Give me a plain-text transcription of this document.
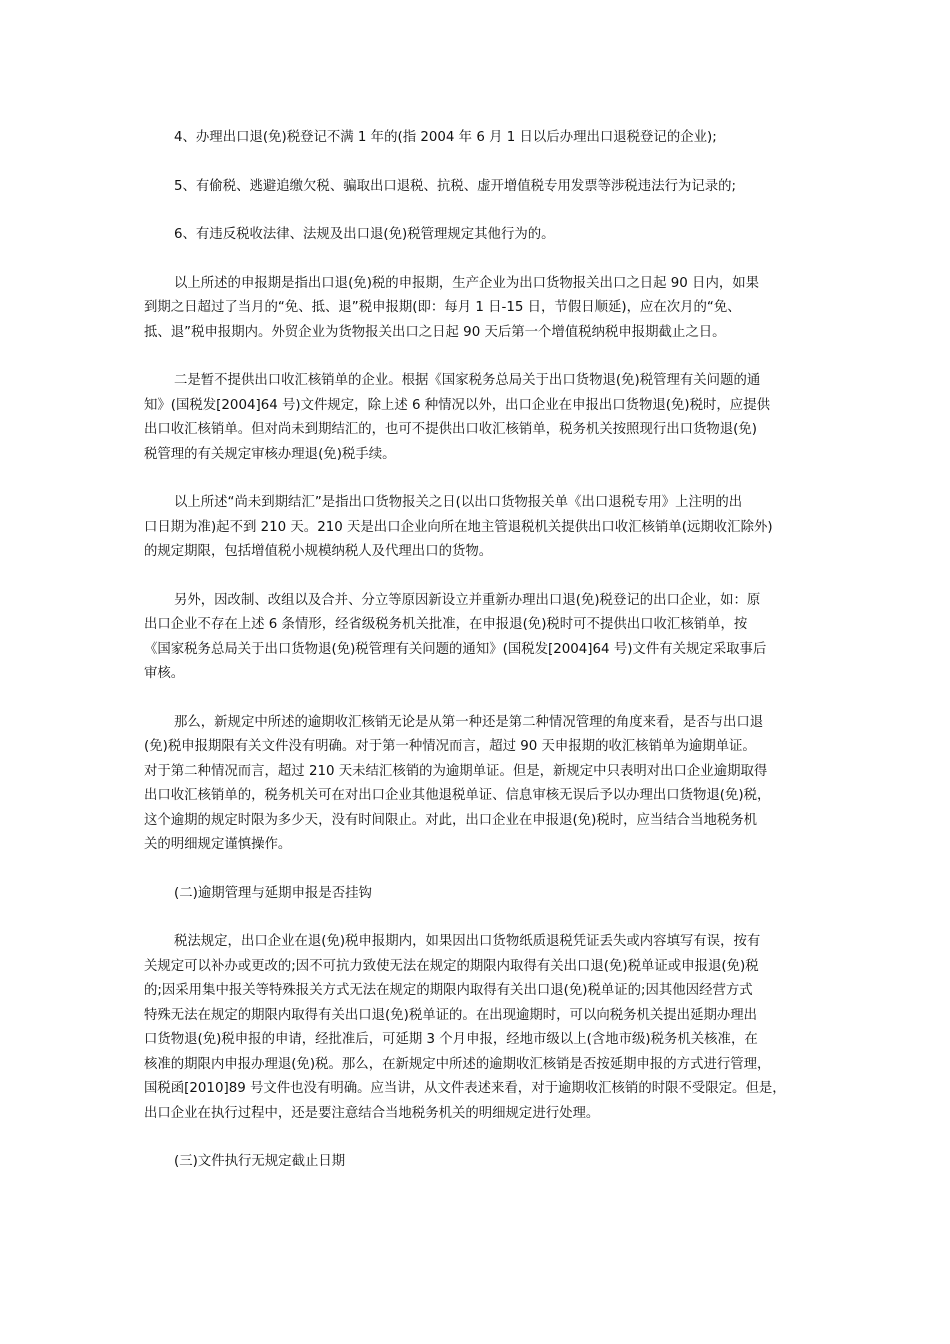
4、办理出口退(免)税登记不满 1 年的(指 2004 年 6 月 1 日以后办理出口退税登记的企业);

5、有偷税、逃避追缴欠税、骗取出口退税、抗税、虚开增值税专用发票等涉税违法行为记录的;

6、有违反税收法律、法规及出口退(免)税管理规定其他行为的。

以上所述的申报期是指出口退(免)税的申报期，生产企业为出口货物报关出口之日起 90 日内，如果
到期之日超过了当月的“免、抵、退”税申报期(即：每月 1 日-15 日，节假日顺延)，应在次月的“免、
抵、退”税申报期内。外贸企业为货物报关出口之日起 90 天后第一个增值税纳税申报期截止之日。

二是暂不提供出口收汇核销单的企业。根据《国家税务总局关于出口货物退(免)税管理有关问题的通
知》(国税发[2004]64 号)文件规定，除上述 6 种情况以外，出口企业在申报出口货物退(免)税时，应提供
出口收汇核销单。但对尚未到期结汇的，也可不提供出口收汇核销单，税务机关按照现行出口货物退(免)
税管理的有关规定审核办理退(免)税手续。

以上所述“尚未到期结汇”是指出口货物报关之日(以出口货物报关单《出口退税专用》上注明的出
口日期为准)起不到 210 天。210 天是出口企业向所在地主管退税机关提供出口收汇核销单(远期收汇除外)
的规定期限，包括增值税小规模纳税人及代理出口的货物。

另外，因改制、改组以及合并、分立等原因新设立并重新办理出口退(免)税登记的出口企业，如：原
出口企业不存在上述 6 条情形，经省级税务机关批准，在申报退(免)税时可不提供出口收汇核销单，按
《国家税务总局关于出口货物退(免)税管理有关问题的通知》(国税发[2004]64 号)文件有关规定采取事后
审核。

那么，新规定中所述的逾期收汇核销无论是从第一种还是第二种情况管理的角度来看，是否与出口退
(免)税申报期限有关文件没有明确。对于第一种情况而言，超过 90 天申报期的收汇核销单为逾期单证。
对于第二种情况而言，超过 210 天未结汇核销的为逾期单证。但是，新规定中只表明对出口企业逾期取得
出口收汇核销单的，税务机关可在对出口企业其他退税单证、信息审核无误后予以办理出口货物退(免)税，
这个逾期的规定时限为多少天，没有时间限止。对此，出口企业在申报退(免)税时，应当结合当地税务机
关的明细规定谨慎操作。

(二)逾期管理与延期申报是否挂钩

税法规定，出口企业在退(免)税申报期内，如果因出口货物纸质退税凭证丢失或内容填写有误，按有
关规定可以补办或更改的;因不可抗力致使无法在规定的期限内取得有关出口退(免)税单证或申报退(免)税
的;因采用集中报关等特殊报关方式无法在规定的期限内取得有关出口退(免)税单证的;因其他因经营方式
特殊无法在规定的期限内取得有关出口退(免)税单证的。在出现逾期时，可以向税务机关提出延期办理出
口货物退(免)税申报的申请，经批准后，可延期 3 个月申报，经地市级以上(含地市级)税务机关核准，在
核准的期限内申报办理退(免)税。那么，在新规定中所述的逾期收汇核销是否按延期申报的方式进行管理，
国税函[2010]89 号文件也没有明确。应当讲，从文件表述来看，对于逾期收汇核销的时限不受限定。但是，
出口企业在执行过程中，还是要注意结合当地税务机关的明细规定进行处理。

(三)文件执行无规定截止日期
